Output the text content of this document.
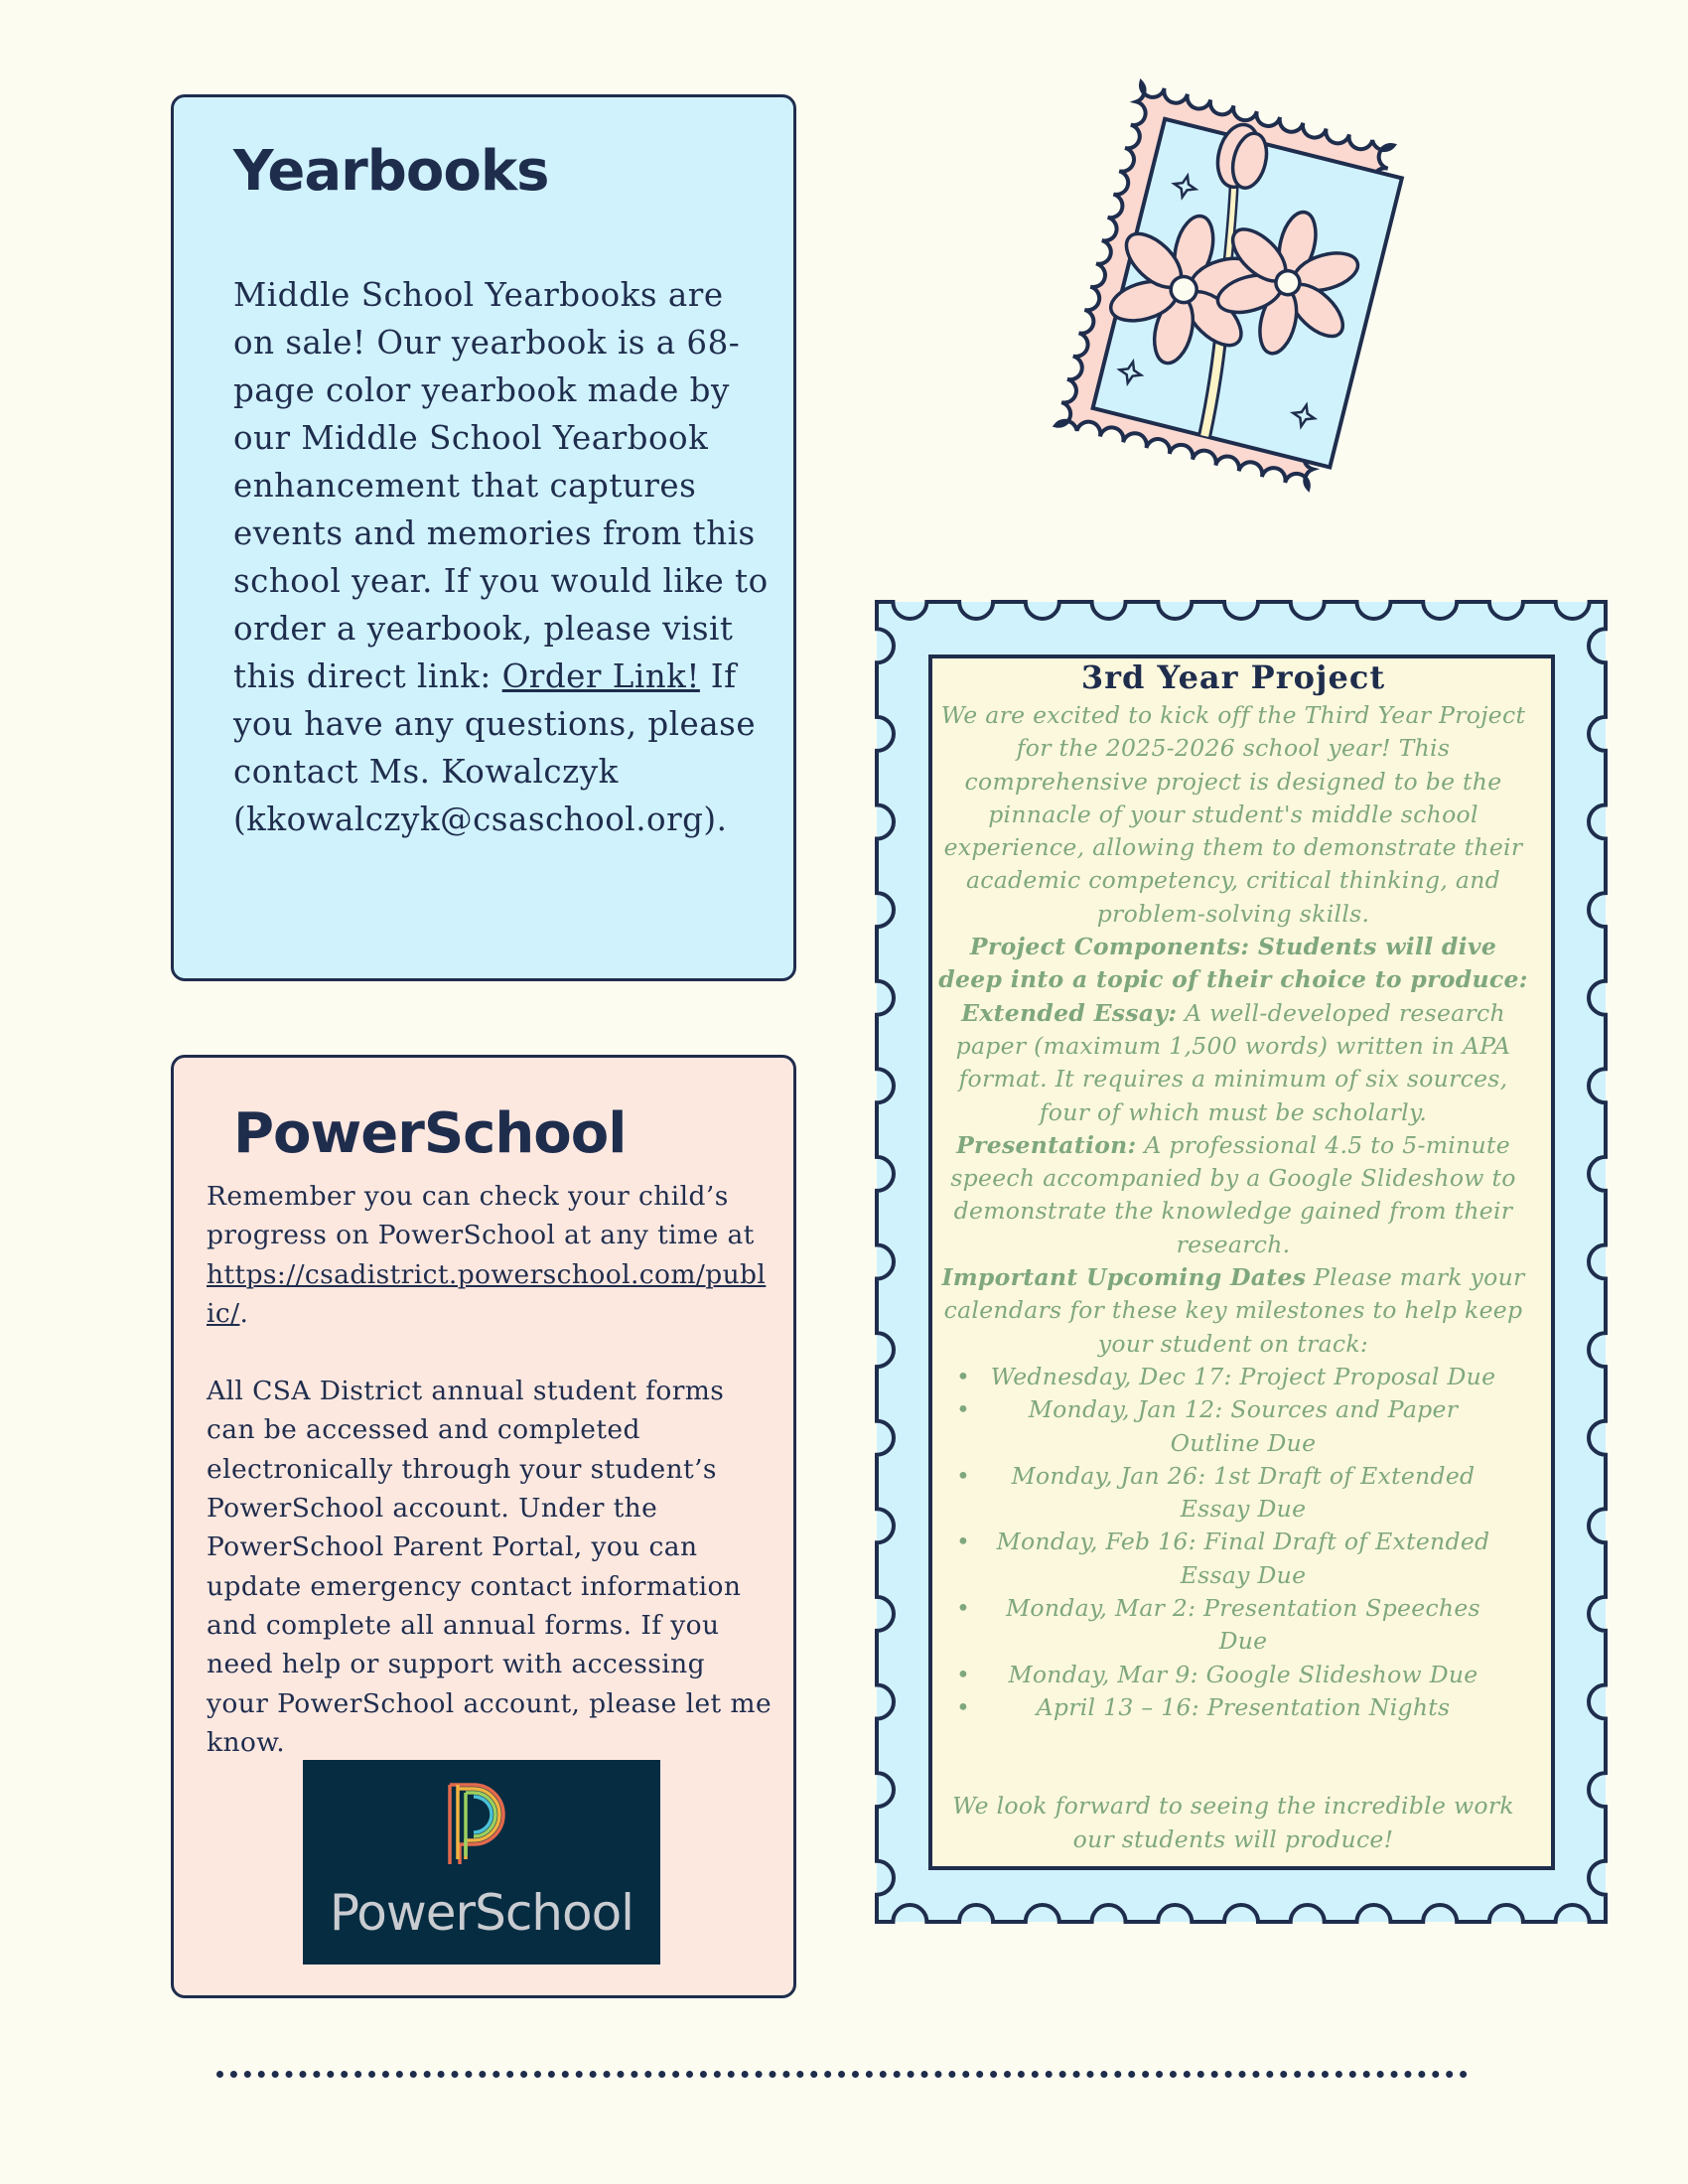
Yearbooks
Middle School Yearbooks are on sale! Our yearbook is a 68-page color yearbook made by our Middle School Yearbook enhancement that captures events and memories from this school year. If you would like to order a yearbook, please visit this direct link: Order Link! If you have any questions, please contact Ms. Kowalczyk (kkowalczyk@csaschool.org).
PowerSchool

Remember you can check your child’s progress on PowerSchool at any time at https://csadistrict.powerschool.com/public/.

All CSA District annual student forms can be accessed and completed electronically through your student’s PowerSchool account. Under the PowerSchool Parent Portal, you can update emergency contact information and complete all annual forms. If you need help or support with accessing your PowerSchool account, please let me know.

PowerSchool
3rd Year Project

We are excited to kick off the Third Year Project for the 2025-2026 school year! This comprehensive project is designed to be the pinnacle of your student's middle school experience, allowing them to demonstrate their academic competency, critical thinking, and problem-solving skills.

Project Components: Students will dive deep into a topic of their choice to produce:

Extended Essay: A well-developed research paper (maximum 1,500 words) written in APA format. It requires a minimum of six sources, four of which must be scholarly.

Presentation: A professional 4.5 to 5-minute speech accompanied by a Google Slideshow to demonstrate the knowledge gained from their research.

Important Upcoming Dates Please mark your calendars for these key milestones to help keep your student on track:

• Wednesday, Dec 17: Project Proposal Due
• Monday, Jan 12: Sources and Paper Outline Due
• Monday, Jan 26: 1st Draft of Extended Essay Due
• Monday, Feb 16: Final Draft of Extended Essay Due
• Monday, Mar 2: Presentation Speeches Due
• Monday, Mar 9: Google Slideshow Due
•	April 13 – 16: Presentation Nights

We look forward to seeing the incredible work our students will produce!
